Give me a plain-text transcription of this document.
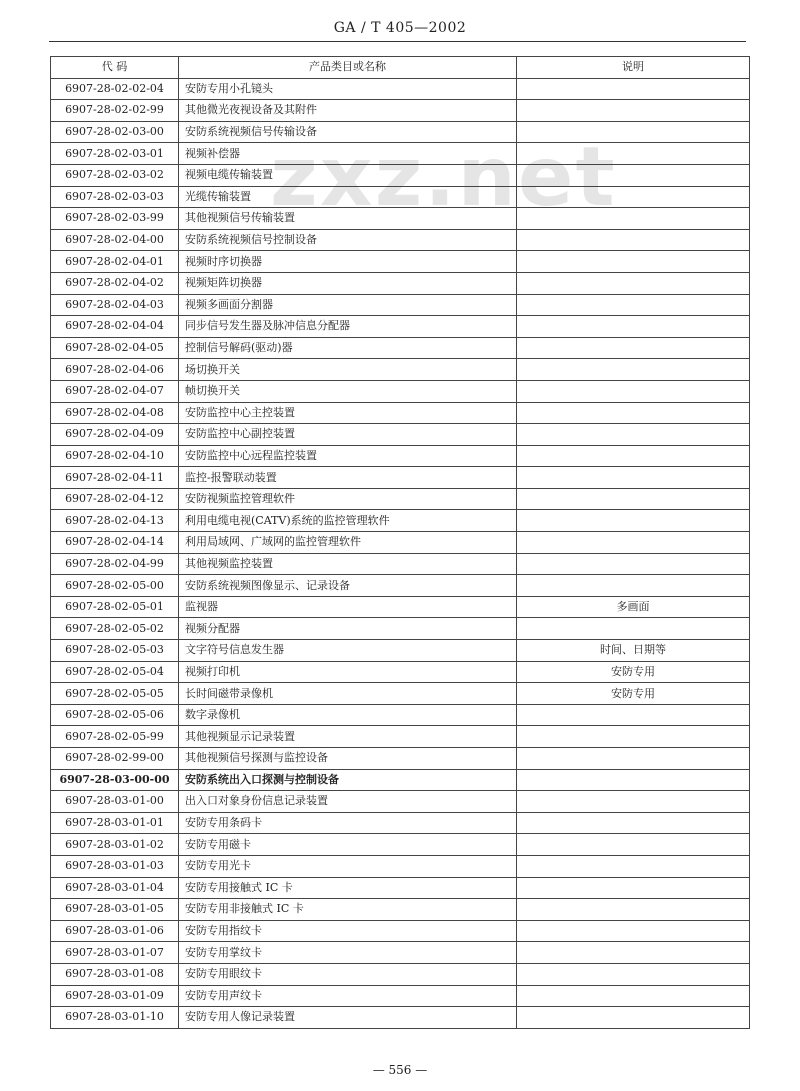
GA / T 405—2002
zxz.net
代 码	产品类目或名称	说明
6907-28-02-02-04	安防专用小孔镜头	
6907-28-02-02-99	其他微光夜视设备及其附件	
6907-28-02-03-00	安防系统视频信号传输设备	
6907-28-02-03-01	视频补偿器	
6907-28-02-03-02	视频电缆传输装置	
6907-28-02-03-03	光缆传输装置	
6907-28-02-03-99	其他视频信号传输装置	
6907-28-02-04-00	安防系统视频信号控制设备	
6907-28-02-04-01	视频时序切换器	
6907-28-02-04-02	视频矩阵切换器	
6907-28-02-04-03	视频多画面分割器	
6907-28-02-04-04	同步信号发生器及脉冲信息分配器	
6907-28-02-04-05	控制信号解码(驱动)器	
6907-28-02-04-06	场切换开关	
6907-28-02-04-07	帧切换开关	
6907-28-02-04-08	安防监控中心主控装置	
6907-28-02-04-09	安防监控中心副控装置	
6907-28-02-04-10	安防监控中心远程监控装置	
6907-28-02-04-11	监控-报警联动装置	
6907-28-02-04-12	安防视频监控管理软件	
6907-28-02-04-13	利用电缆电视(CATV)系统的监控管理软件	
6907-28-02-04-14	利用局域网、广域网的监控管理软件	
6907-28-02-04-99	其他视频监控装置	
6907-28-02-05-00	安防系统视频图像显示、记录设备	
6907-28-02-05-01	监视器	多画面
6907-28-02-05-02	视频分配器	
6907-28-02-05-03	文字符号信息发生器	时间、日期等
6907-28-02-05-04	视频打印机	安防专用
6907-28-02-05-05	长时间磁带录像机	安防专用
6907-28-02-05-06	数字录像机	
6907-28-02-05-99	其他视频显示记录装置	
6907-28-02-99-00	其他视频信号探测与监控设备	
6907-28-03-00-00	安防系统出入口探测与控制设备	
6907-28-03-01-00	出入口对象身份信息记录装置	
6907-28-03-01-01	安防专用条码卡	
6907-28-03-01-02	安防专用磁卡	
6907-28-03-01-03	安防专用光卡	
6907-28-03-01-04	安防专用接触式 IC 卡	
6907-28-03-01-05	安防专用非接触式 IC 卡	
6907-28-03-01-06	安防专用指纹卡	
6907-28-03-01-07	安防专用掌纹卡	
6907-28-03-01-08	安防专用眼纹卡	
6907-28-03-01-09	安防专用声纹卡	
6907-28-03-01-10	安防专用人像记录装置	
— 556 —
